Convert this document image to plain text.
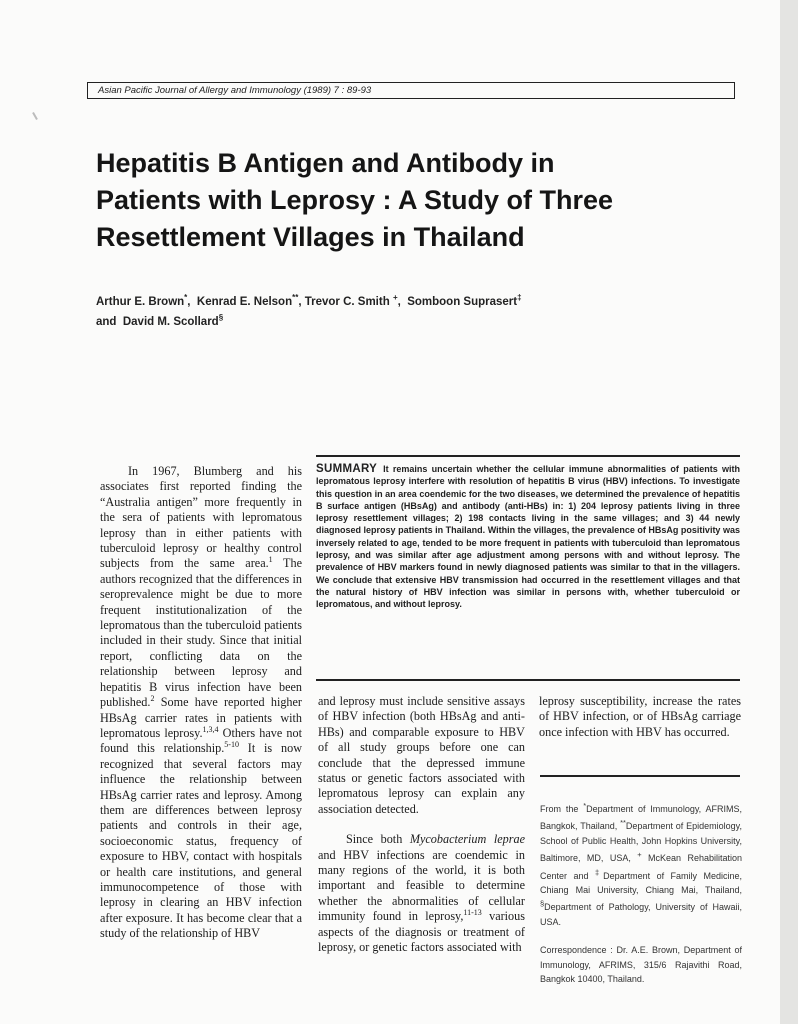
Asian Pacific Journal of Allergy and Immunology (1989) 7 : 89-93
Hepatitis B Antigen and Antibody in
Patients with Leprosy : A Study of Three
Resettlement Villages in Thailand
Arthur E. Brown*,  Kenrad E. Nelson**, Trevor C. Smith +,  Somboon Suprasert‡
and David M. Scollard§
SUMMARY It remains uncertain whether the cellular immune abnormalities of patients with lepromatous leprosy interfere with resolution of hepatitis B virus (HBV) infections. To investigate this question in an area coendemic for the two diseases, we determined the prevalence of hepatitis B surface antigen (HBsAg) and antibody (anti-HBs) in: 1) 204 leprosy patients living in three leprosy resettlement villages; 2) 198 contacts living in the same villages; and 3) 44 newly diagnosed leprosy patients in Thailand. Within the villages, the prevalence of HBsAg positivity was inversely related to age, tended to be more frequent in patients with tuberculoid than lepromatous leprosy, and was similar after age adjustment among persons with and without leprosy. The prevalence of HBV markers found in newly diagnosed patients was similar to that in the villagers. We conclude that extensive HBV transmission had occurred in the resettlement villages and that the natural history of HBV infection was similar in persons with, whether tuberculoid or lepromatous, and without leprosy.

In 1967, Blumberg and his associates first reported finding the “Australia antigen” more frequently in the sera of patients with lepromatous leprosy than in either patients with tuberculoid leprosy or healthy control subjects from the same area.$^1$ The authors recognized that the differences in seroprevalence might be due to more frequent institutionalization of the lepromatous than the tuberculoid patients included in their study. Since that initial report, conflicting data on the relationship between leprosy and hepatitis B virus infection have been published.$^2$ Some have reported higher HBsAg carrier rates in patients with lepromatous leprosy.$^{1,3,4}$ Others have not found this relationship.$^{5-10}$ It is now recognized that several factors may influence the relationship between HBsAg carrier rates and leprosy. Among them are differences between leprosy patients and controls in their age, socioeconomic status, frequency of exposure to HBV, contact with hospitals or health care institutions, and general immunocompetence of those with leprosy in clearing an HBV infection after exposure. It has become clear that a study of the relationship of HBV

and leprosy must include sensitive assays of HBV infection (both HBsAg and anti-HBs) and comparable exposure to HBV of all study groups before one can conclude that the depressed immune status or genetic factors associated with lepromatous leprosy can explain any association detected.

Since both Mycobacterium leprae and HBV infections are coendemic in many regions of the world, it is both important and feasible to determine whether the abnormalities of cellular immunity found in leprosy,$^{11-13}$ various aspects of the diagnosis or treatment of leprosy, or genetic factors associated with

leprosy susceptibility, increase the rates of HBV infection, or of HBsAg carriage once infection with HBV has occurred.

From the *Department of Immunology, AFRIMS, Bangkok, Thailand, **Department of Epidemiology, School of Public Health, John Hopkins University, Baltimore, MD, USA, + McKean Rehabilitation Center and ‡Department of Family Medicine, Chiang Mai University, Chiang Mai, Thailand, §Department of Pathology, University of Hawaii, USA.

Correspondence : Dr. A.E. Brown, Department of Immunology, AFRIMS, 315/6 Rajavithi Road, Bangkok 10400, Thailand.
